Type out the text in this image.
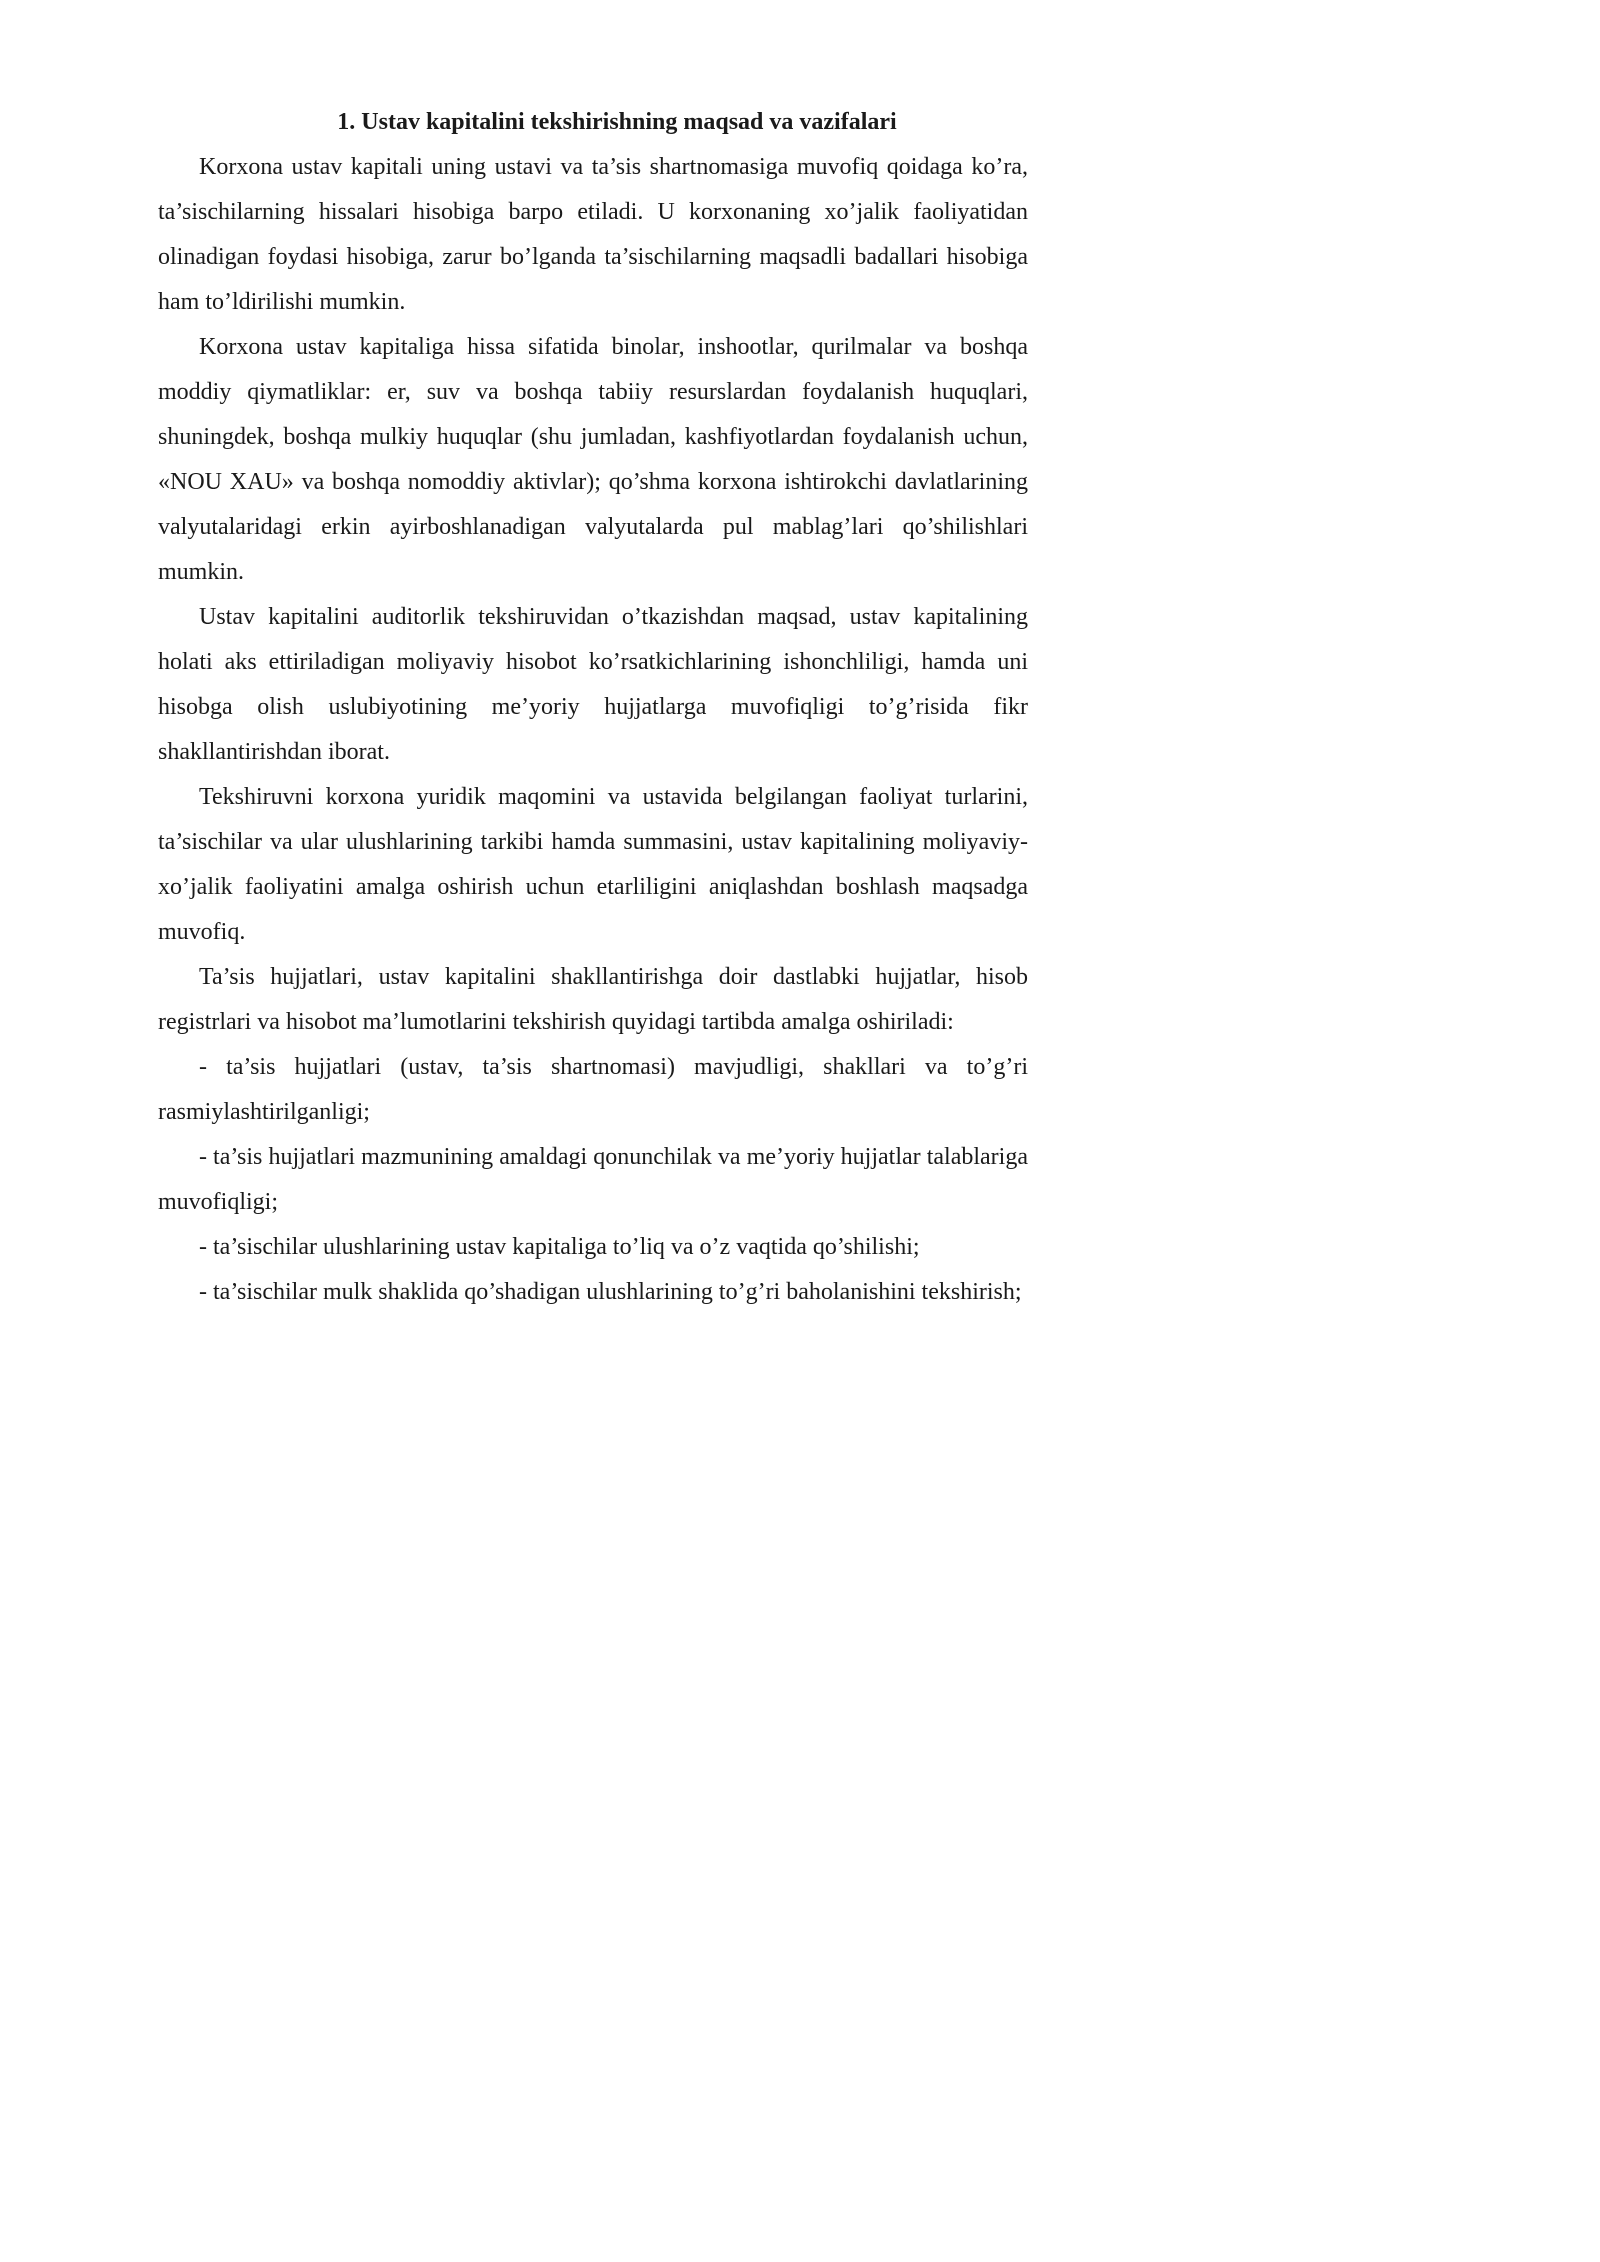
1. Ustav kapitalini tekshirishning maqsad va vazifalari

Korxona ustav kapitali uning ustavi va ta’sis shartnomasiga muvofiq qoidaga ko’ra, ta’sischilarning hissalari hisobiga barpo etiladi. U korxonaning xo’jalik faoliyatidan olinadigan foydasi hisobiga, zarur bo’lganda ta’sischilarning maqsadli badallari hisobiga ham to’ldirilishi mumkin.

Korxona ustav kapitaliga hissa sifatida binolar, inshootlar, qurilmalar va boshqa moddiy qiymatliklar: er, suv va boshqa tabiiy resurslardan foydalanish huquqlari, shuningdek, boshqa mulkiy huquqlar (shu jumladan, kashfiyotlardan foydalanish uchun, «NOU XAU» va boshqa nomoddiy aktivlar); qo’shma korxona ishtirokchi davlatlarining valyutalaridagi erkin ayirboshlanadigan valyutalarda pul mablag’lari qo’shilishlari mumkin.

Ustav kapitalini auditorlik tekshiruvidan o’tkazishdan maqsad, ustav kapitalining holati aks ettiriladigan moliyaviy hisobot ko’rsatkichlarining ishonchliligi, hamda uni hisobga olish uslubiyotining me’yoriy hujjatlarga muvofiqligi to’g’risida fikr shakllantirishdan iborat.

Tekshiruvni korxona yuridik maqomini va ustavida belgilangan faoliyat turlarini, ta’sischilar va ular ulushlarining tarkibi hamda summasini, ustav kapitalining moliyaviy-xo’jalik faoliyatini amalga oshirish uchun etarliligini aniqlashdan boshlash maqsadga muvofiq.

Ta’sis hujjatlari, ustav kapitalini shakllantirishga doir dastlabki hujjatlar, hisob registrlari va hisobot ma’lumotlarini tekshirish quyidagi tartibda amalga oshiriladi:

- ta’sis hujjatlari (ustav, ta’sis shartnomasi) mavjudligi, shakllari va to’g’ri rasmiylashtirilganligi;

- ta’sis hujjatlari mazmunining amaldagi qonunchilak va me’yoriy hujjatlar talablariga muvofiqligi;

- ta’sischilar ulushlarining ustav kapitaliga to’liq va o’z vaqtida qo’shilishi;

- ta’sischilar mulk shaklida qo’shadigan ulushlarining to’g’ri baholanishini tekshirish;
